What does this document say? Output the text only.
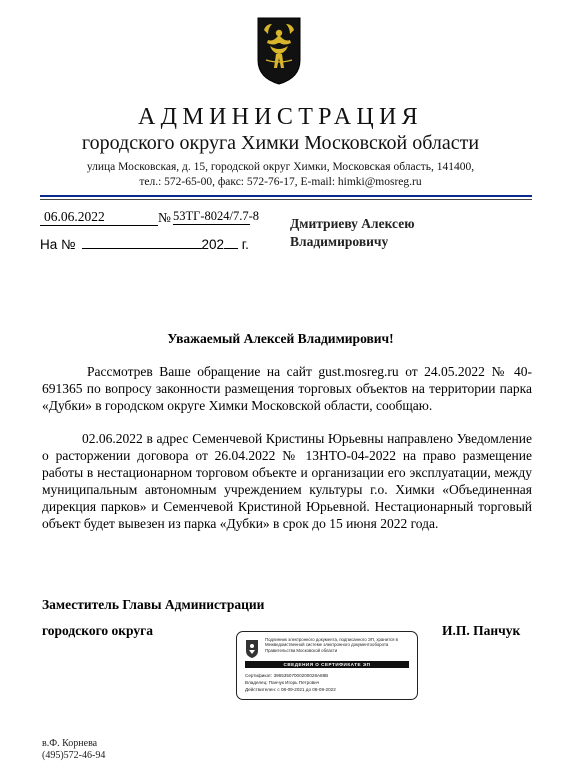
АДМИНИСТРАЦИЯ
городского округа Химки Московской области
улица Московская, д. 15, городской округ Химки, Московская область, 141400,
тел.: 572-65-00, факс: 572-76-17, E-mail: himki@mosreg.ru
06.06.2022	№ 53ТГ-8024/7.7-8
На №	202 г.
Дмитриеву Алексею
Владимировичу
Уважаемый Алексей Владимирович!

Рассмотрев Ваше обращение на сайт gust.mosreg.ru от 24.05.2022 № 40-691365 по вопросу законности размещения торговых объектов на территории парка «Дубки» в городском округе Химки Московской области, сообщаю.

02.06.2022 в адрес Семенчевой Кристины Юрьевны направлено Уведомление о расторжении договора от 26.04.2022 № 13НТО-04-2022 на право размещение работы в нестационарном торговом объекте и организации его эксплуатации, между муниципальным автономным учреждением культуры г.о. Химки «Объединенная дирекция парков» и Семенчевой Кристиной Юрьевной. Нестационарный торговый объект будет вывезен из парка «Дубки» в срок до 15 июня 2022 года.

Заместитель Главы Администрации
городского округа	И.П. Панчук
Подлинник электронного документа, подписанного ЭП, хранится в Межведомственной системе электронного документооборота Правительства Московской области
СВЕДЕНИЯ О СЕРТИФИКАТЕ ЭП
Сертификат: 39653507000200028A88B
Владелец: Панчук Игорь Петрович
Действителен: с 08-09-2021 до 08-09-2022
в.Ф. Корнева
(495)572-46-94
